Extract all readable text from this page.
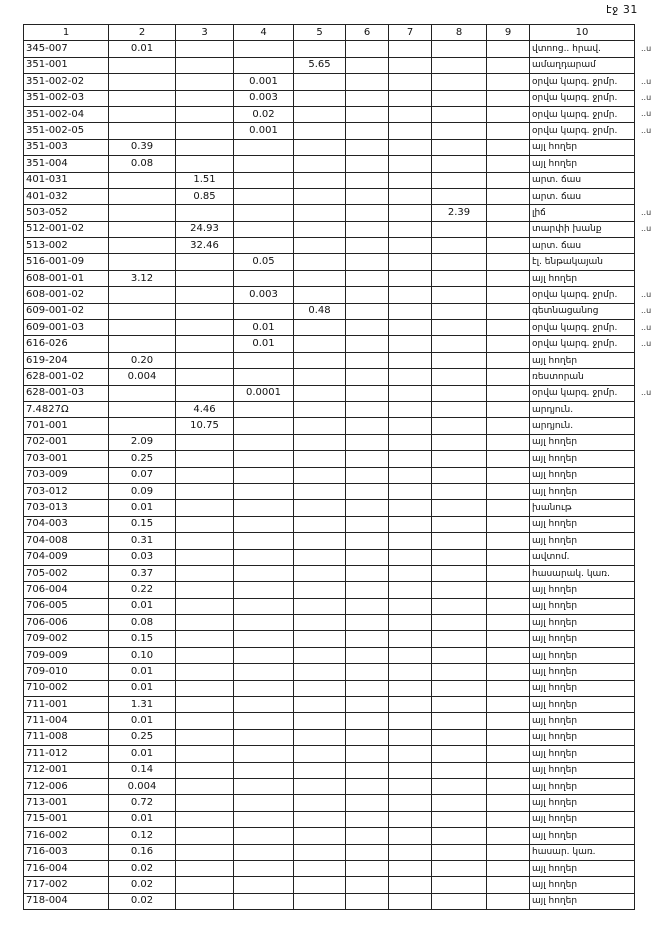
էջ 31
1	2	3	4	5	6	7	8	9	10
345-007	0.01								վտոոց.. հրավ.
351-001				5.65					ամաղդարամ
351-002-02			0.001						օրվա կարգ. ջրմր.
351-002-03			0.003						օրվա կարգ. ջրմր.
351-002-04			0.02						օրվա կարգ. ջրմր.
351-002-05			0.001						օրվա կարգ. ջրմր.
351-003	0.39								այլ հողեր
351-004	0.08								այլ հողեր
401-031		1.51							արտ. ճաս
401-032		0.85							արտ. ճաս
503-052							2.39		լիճ
512-001-02		24.93							տարփի խանք
513-002		32.46							արտ. ճաս
516-001-09			0.05						էլ. ենթակայան
608-001-01	3.12								այլ հողեր
608-001-02			0.003						օրվա կարգ. ջրմր.
609-001-02				0.48					գետնացանոց
609-001-03			0.01						օրվա կարգ. ջրմր.
616-026			0.01						օրվա կարգ. ջրմր.
619-204	0.20								այլ հողեր
628-001-02	0.004								ռեստորան
628-001-03			0.0001						օրվա կարգ. ջրմր.
7.4827Ω		4.46							արդյուն.
701-001		10.75							արդյուն.
702-001	2.09								այլ հողեր
703-001	0.25								այլ հողեր
703-009	0.07								այլ հողեր
703-012	0.09								այլ հողեր
703-013	0.01								խանութ
704-003	0.15								այլ հողեր
704-008	0.31								այլ հողեր
704-009	0.03								ավտոմ.
705-002	0.37								հասարակ. կառ.
706-004	0.22								այլ հողեր
706-005	0.01								այլ հողեր
706-006	0.08								այլ հողեր
709-002	0.15								այլ հողեր
709-009	0.10								այլ հողեր
709-010	0.01								այլ հողեր
710-002	0.01								այլ հողեր
711-001	1.31								այլ հողեր
711-004	0.01								այլ հողեր
711-008	0.25								այլ հողեր
711-012	0.01								այլ հողեր
712-001	0.14								այլ հողեր
712-006	0.004								այլ հողեր
713-001	0.72								այլ հողեր
715-001	0.01								այլ հողեր
716-002	0.12								այլ հողեր
716-003	0.16								հասար. կառ.
716-004	0.02								այլ հողեր
717-002	0.02								այլ հողեր
718-004	0.02								այլ հողեր
..ս
..ս
..ս
..ս
..ս
..ս
..ս
..ս
..ս
..ս
..ս
..ս
